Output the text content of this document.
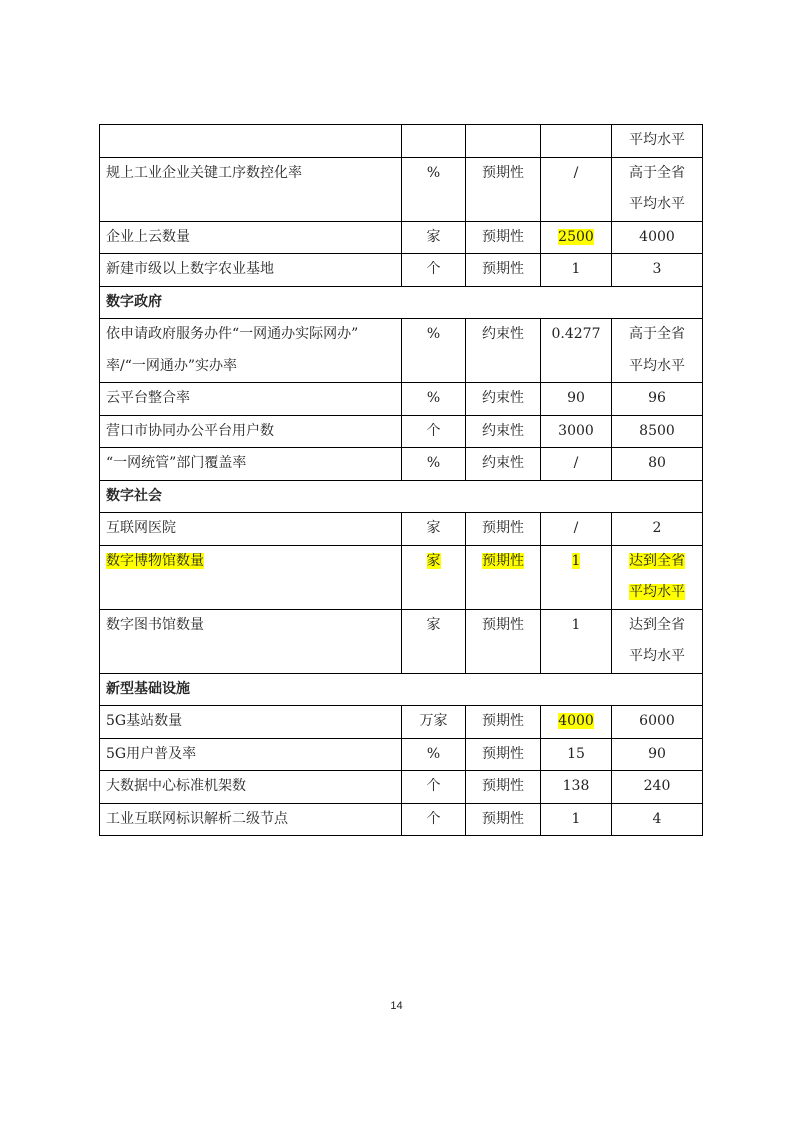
				平均水平

规上工业企业关键工序数控化率	%	预期性	/	高于全省
平均水平

企业上云数量	家	预期性	2500	4000

新建市级以上数字农业基地	个	预期性	1	3

数字政府				

依申请政府服务办件“一网通办实际网办”
率/“一网通办”实办率	%	约束性	0.4277	高于全省
平均水平

云平台整合率	%	约束性	90	96

营口市协同办公平台用户数	个	约束性	3000	8500

“一网统管”部门覆盖率	%	约束性	/	80

数字社会				

互联网医院	家	预期性	/	2

数字博物馆数量	家	预期性	1	达到全省
平均水平

数字图书馆数量	家	预期性	1	达到全省
平均水平

新型基础设施				

5G基站数量	万家	预期性	4000	6000

5G用户普及率	%	预期性	15	90

大数据中心标准机架数	个	预期性	138	240

工业互联网标识解析二级节点	个	预期性	1	4
14
